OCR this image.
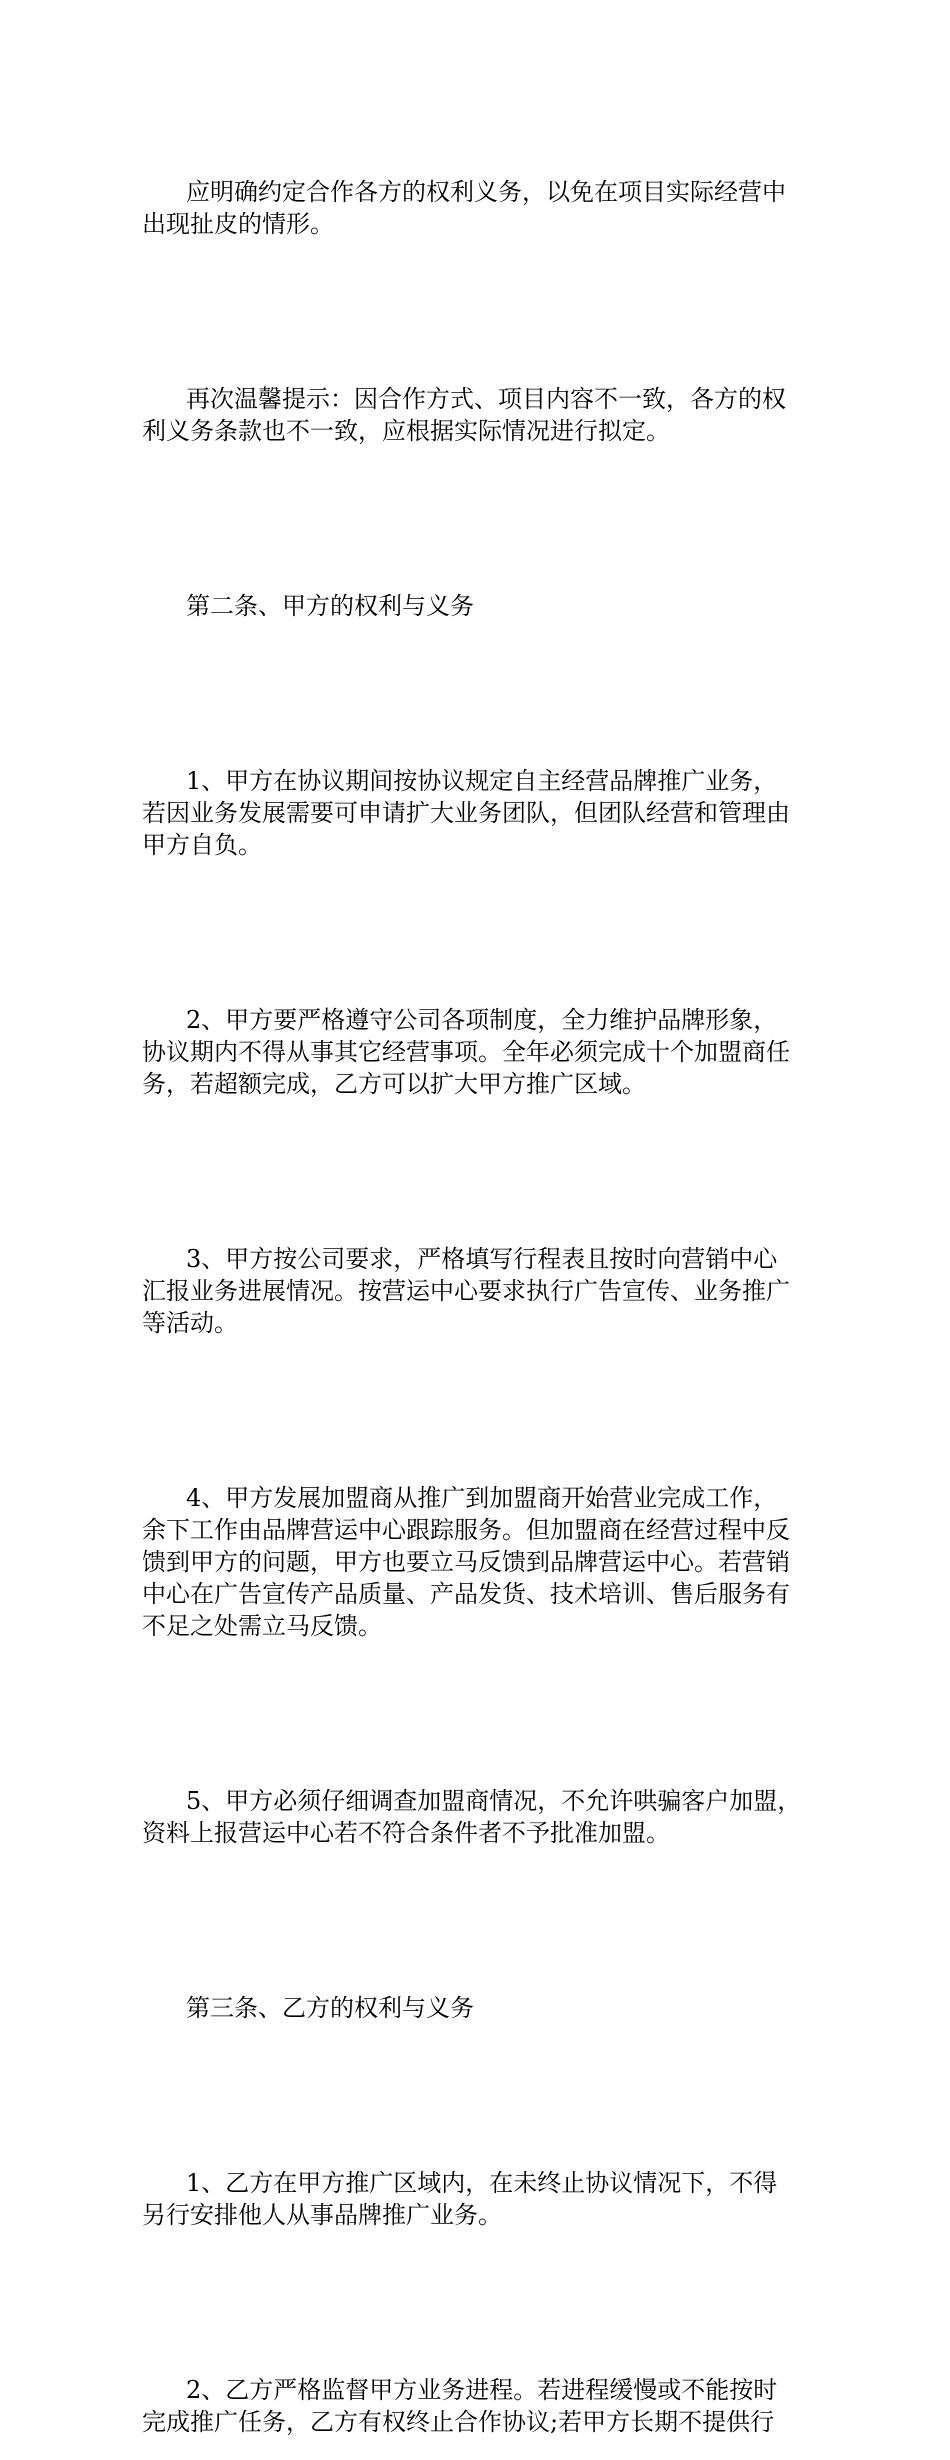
应明确约定合作各方的权利义务，以免在项目实际经营中
出现扯皮的情形。

再次温馨提示：因合作方式、项目内容不一致，各方的权
利义务条款也不一致，应根据实际情况进行拟定。

第二条、甲方的权利与义务

1、甲方在协议期间按协议规定自主经营品牌推广业务，
若因业务发展需要可申请扩大业务团队，但团队经营和管理由
甲方自负。

2、甲方要严格遵守公司各项制度，全力维护品牌形象，
协议期内不得从事其它经营事项。全年必须完成十个加盟商任
务，若超额完成，乙方可以扩大甲方推广区域。

3、甲方按公司要求，严格填写行程表且按时向营销中心
汇报业务进展情况。按营运中心要求执行广告宣传、业务推广
等活动。

4、甲方发展加盟商从推广到加盟商开始营业完成工作，
余下工作由品牌营运中心跟踪服务。但加盟商在经营过程中反
馈到甲方的问题，甲方也要立马反馈到品牌营运中心。若营销
中心在广告宣传产品质量、产品发货、技术培训、售后服务有
不足之处需立马反馈。

5、甲方必须仔细调查加盟商情况，不允许哄骗客户加盟，
资料上报营运中心若不符合条件者不予批准加盟。

第三条、乙方的权利与义务

1、乙方在甲方推广区域内，在未终止协议情况下，不得
另行安排他人从事品牌推广业务。

2、乙方严格监督甲方业务进程。若进程缓慢或不能按时
完成推广任务，乙方有权终止合作协议;若甲方长期不提供行
